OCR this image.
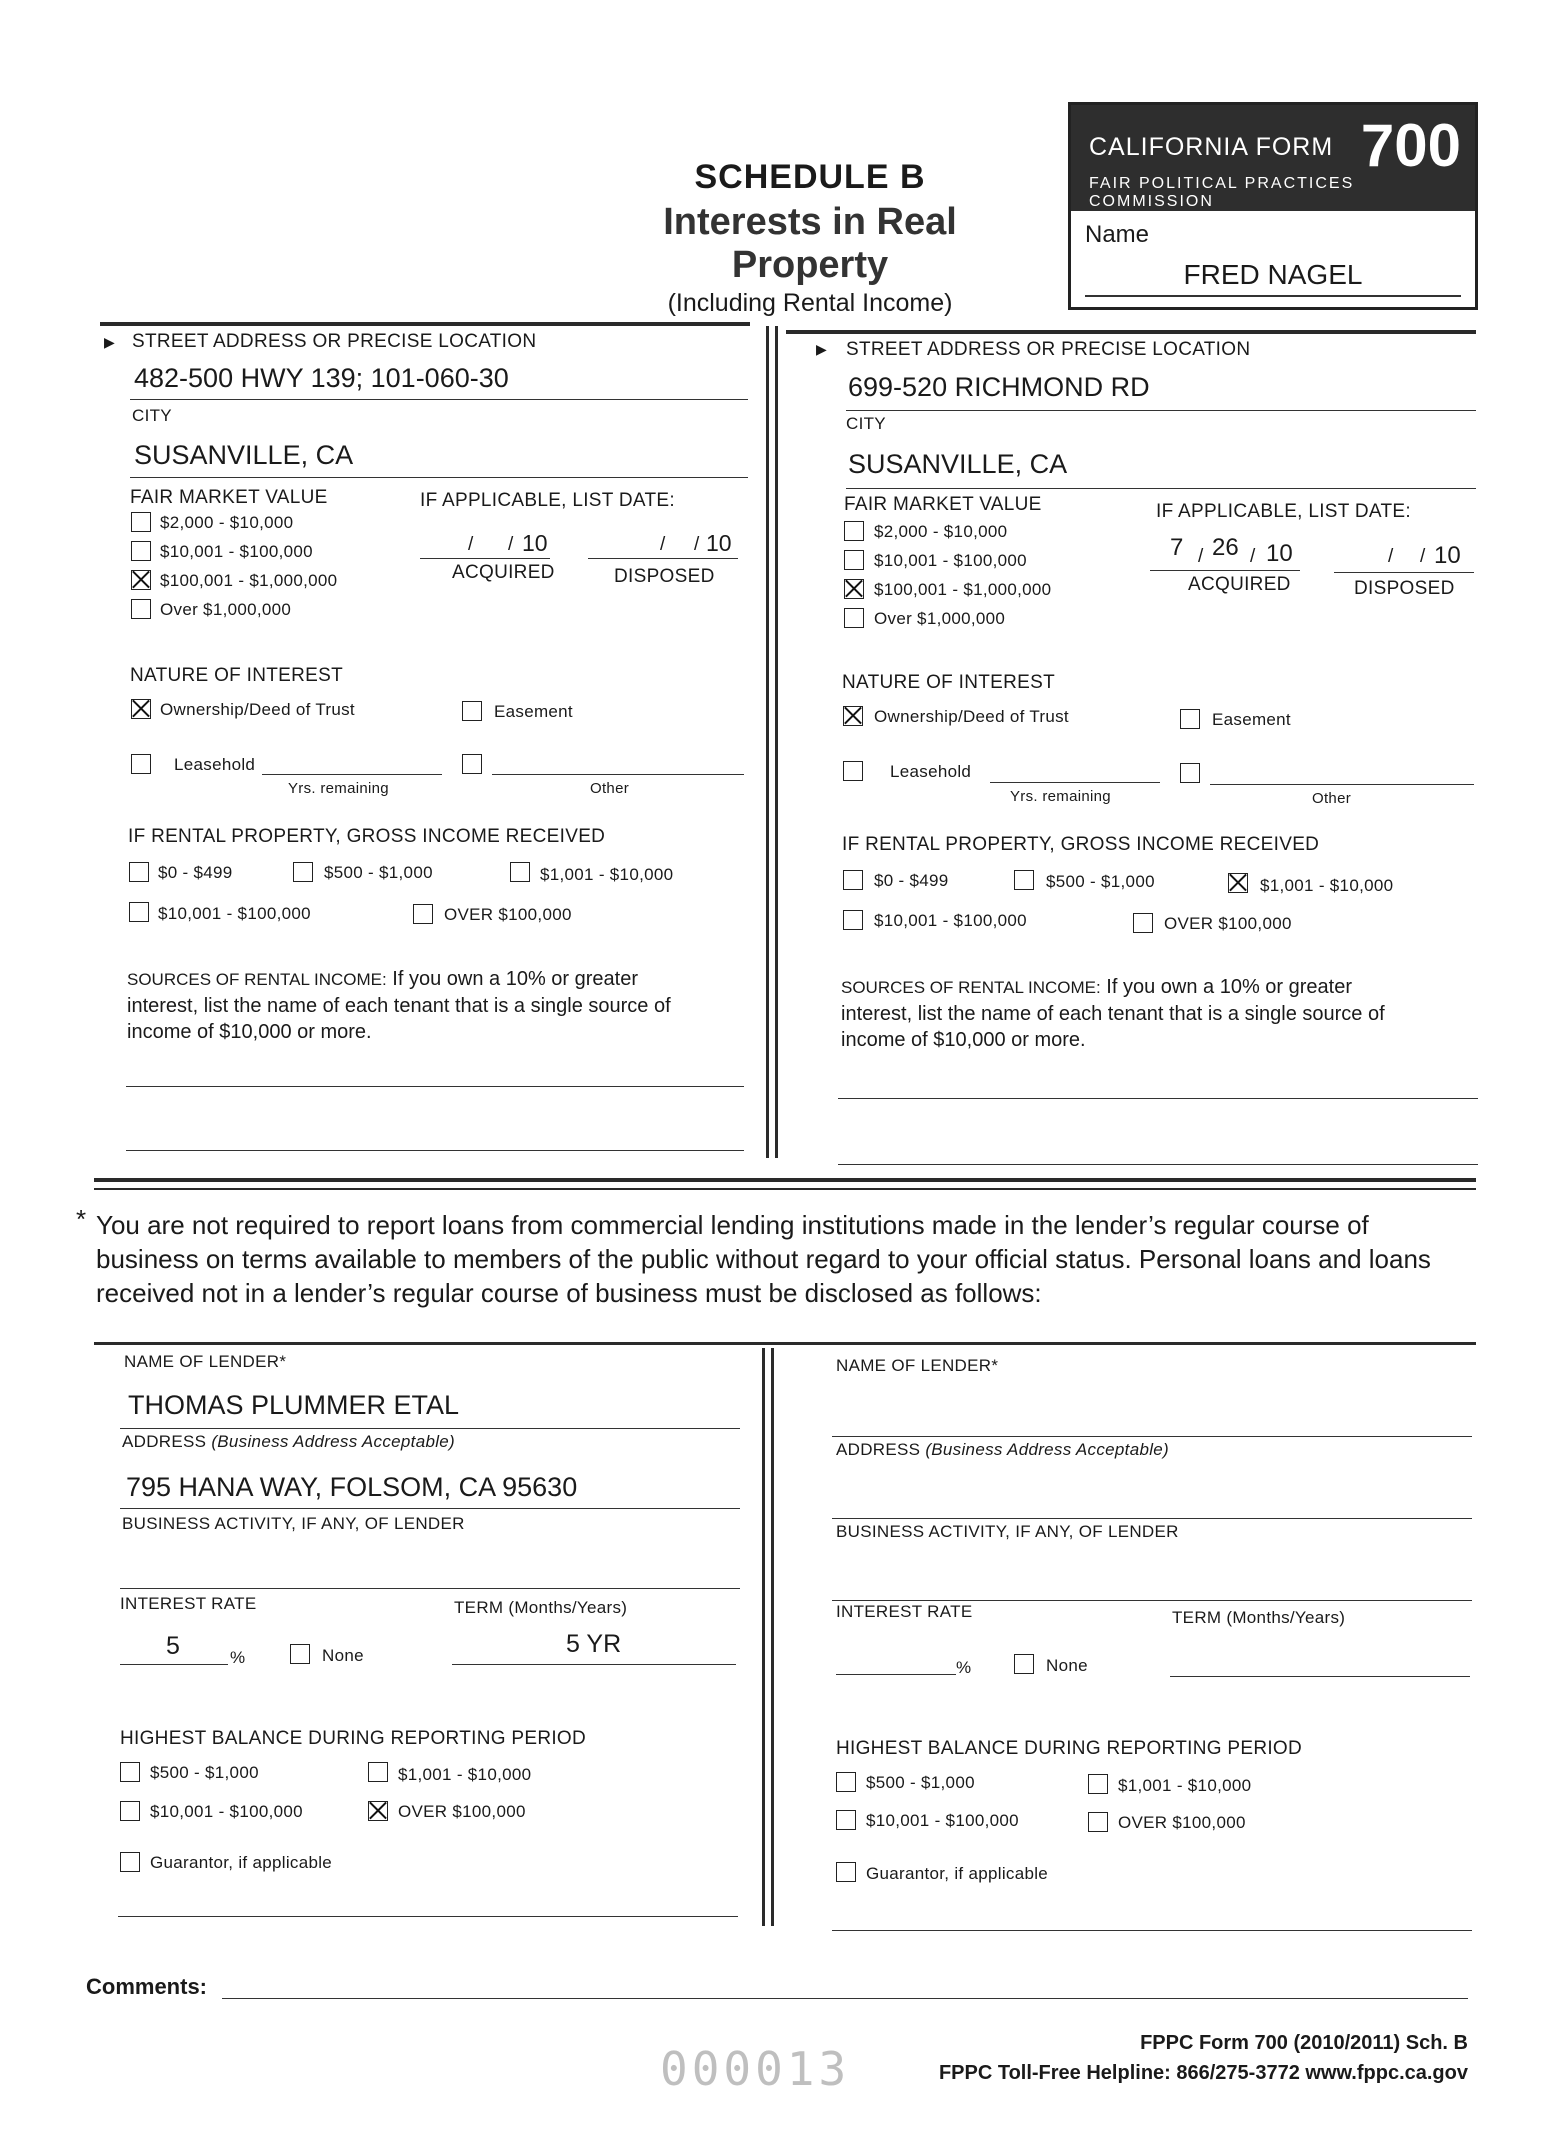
SCHEDULE B
Interests in Real Property
(Including Rental Income)
CALIFORNIA FORM 700
FAIR POLITICAL PRACTICES COMMISSION
Name
FRED NAGEL
▶ STREET ADDRESS OR PRECISE LOCATION
482-500 HWY 139; 101-060-30
CITY
SUSANVILLE, CA
FAIR MARKET VALUE
$2,000 - $10,000
$10,001 - $100,000
$100,001 - $1,000,000
Over $1,000,000
IF APPLICABLE, LIST DATE:
/ / 10
ACQUIRED
/ / 10
DISPOSED
NATURE OF INTEREST
Ownership/Deed of Trust	Easement
Leasehold
Yrs. remaining	Other
IF RENTAL PROPERTY, GROSS INCOME RECEIVED
$0 - $499	$500 - $1,000	$1,001 - $10,000
$10,001 - $100,000	OVER $100,000
SOURCES OF RENTAL INCOME: If you own a 10% or greater
interest, list the name of each tenant that is a single source of
income of $10,000 or more.
▶ STREET ADDRESS OR PRECISE LOCATION
699-520 RICHMOND RD
CITY
SUSANVILLE, CA
FAIR MARKET VALUE
$2,000 - $10,000
$10,001 - $100,000
$100,001 - $1,000,000
Over $1,000,000
IF APPLICABLE, LIST DATE:
7 / 26 / 10
ACQUIRED
/ / 10
DISPOSED
NATURE OF INTEREST
Ownership/Deed of Trust	Easement
Leasehold
Yrs. remaining	Other
IF RENTAL PROPERTY, GROSS INCOME RECEIVED
$0 - $499	$500 - $1,000	$1,001 - $10,000
$10,001 - $100,000	OVER $100,000
SOURCES OF RENTAL INCOME: If you own a 10% or greater
interest, list the name of each tenant that is a single source of
income of $10,000 or more.
* You are not required to report loans from commercial lending institutions made in the lender’s regular course of business on terms available to members of the public without regard to your official status. Personal loans and loans received not in a lender’s regular course of business must be disclosed as follows:
NAME OF LENDER*
THOMAS PLUMMER ETAL
ADDRESS (Business Address Acceptable)
795 HANA WAY, FOLSOM, CA 95630
BUSINESS ACTIVITY, IF ANY, OF LENDER
INTEREST RATE
5	%	None
TERM (Months/Years)
5 YR
HIGHEST BALANCE DURING REPORTING PERIOD
$500 - $1,000	$1,001 - $10,000
$10,001 - $100,000	OVER $100,000
Guarantor, if applicable
NAME OF LENDER*
ADDRESS (Business Address Acceptable)
BUSINESS ACTIVITY, IF ANY, OF LENDER
INTEREST RATE
%	None
TERM (Months/Years)
HIGHEST BALANCE DURING REPORTING PERIOD
$500 - $1,000	$1,001 - $10,000
$10,001 - $100,000	OVER $100,000
Guarantor, if applicable
Comments:
FPPC Form 700 (2010/2011) Sch. B
FPPC Toll-Free Helpline: 866/275-3772 www.fppc.ca.gov
000013
